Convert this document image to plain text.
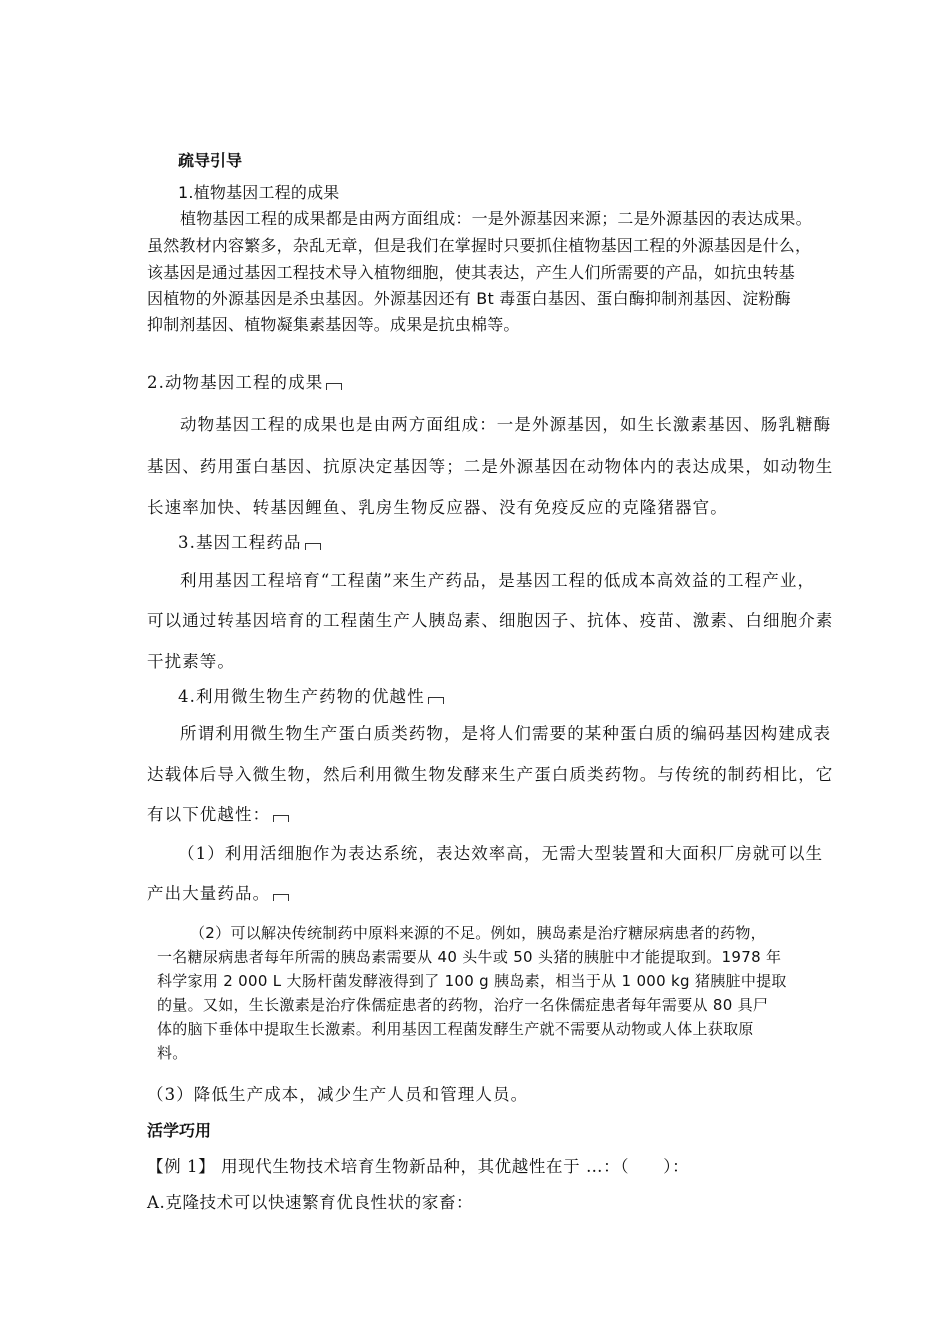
疏导引导
1.植物基因工程的成果
植物基因工程的成果都是由两方面组成：一是外源基因来源；二是外源基因的表达成果。
虽然教材内容繁多，杂乱无章，但是我们在掌握时只要抓住植物基因工程的外源基因是什么，
该基因是通过基因工程技术导入植物细胞，使其表达，产生人们所需要的产品，如抗虫转基
因植物的外源基因是杀虫基因。外源基因还有 Bt 毒蛋白基因、蛋白酶抑制剂基因、淀粉酶
抑制剂基因、植物凝集素基因等。成果是抗虫棉等。
2.动物基因工程的成果
动物基因工程的成果也是由两方面组成：一是外源基因，如生长激素基因、肠乳糖酶
基因、药用蛋白基因、抗原决定基因等；二是外源基因在动物体内的表达成果，如动物生
长速率加快、转基因鲤鱼、乳房生物反应器、没有免疫反应的克隆猪器官。
3.基因工程药品
利用基因工程培育“工程菌”来生产药品，是基因工程的低成本高效益的工程产业，
可以通过转基因培育的工程菌生产人胰岛素、细胞因子、抗体、疫苗、激素、白细胞介素
干扰素等。
4.利用微生物生产药物的优越性
所谓利用微生物生产蛋白质类药物，是将人们需要的某种蛋白质的编码基因构建成表
达载体后导入微生物，然后利用微生物发酵来生产蛋白质类药物。与传统的制药相比，它
有以下优越性：
（1）利用活细胞作为表达系统，表达效率高，无需大型装置和大面积厂房就可以生
产出大量药品。
（2）可以解决传统制药中原料来源的不足。例如，胰岛素是治疗糖尿病患者的药物，
一名糖尿病患者每年所需的胰岛素需要从 40 头牛或 50 头猪的胰脏中才能提取到。1978 年
科学家用 2 000 L 大肠杆菌发酵液得到了 100 g 胰岛素，相当于从 1 000 kg 猪胰脏中提取
的量。又如，生长激素是治疗侏儒症患者的药物，治疗一名侏儒症患者每年需要从 80 具尸
体的脑下垂体中提取生长激素。利用基因工程菌发酵生产就不需要从动物或人体上获取原
料。
（3）降低生产成本，减少生产人员和管理人员。
活学巧用
【例 1】 用现代生物技术培育生物新品种，其优越性在于 …：（　　）：
A.克隆技术可以快速繁育优良性状的家畜：
